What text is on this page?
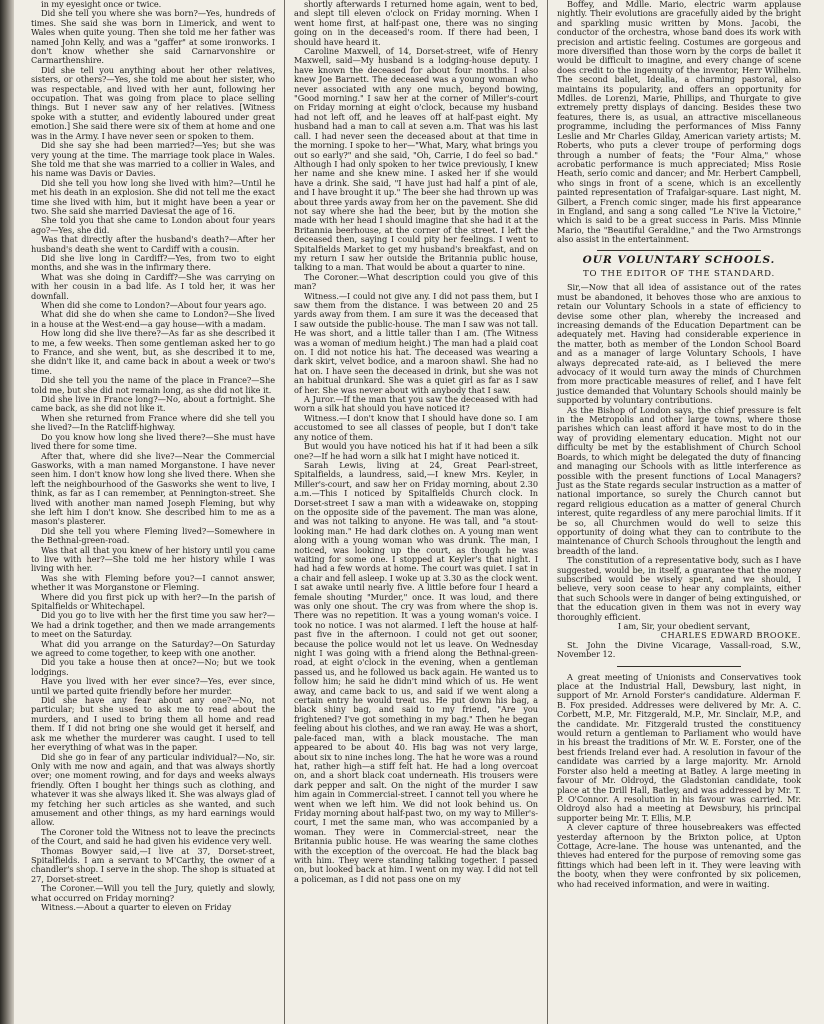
in my eyesight once or twice.

Did she tell you where she was born?—Yes, hundreds of times. She said she was born in Limerick, and went to Wales when quite young. Then she told me her father was named John Kelly, and was a "gaffer" at some ironworks. I don't know whether she said Carnarvonshire or Carmarthenshire.

Did she tell you anything about her other relatives, sisters, or others?—Yes, she told me about her sister, who was respectable, and lived with her aunt, following her occupation. That was going from place to place selling things. But I never saw any of her relatives. [Witness spoke with a stutter, and evidently laboured under great emotion.] She said there were six of them at home and one was in the Army. I have never seen or spoken to them.

Did she say she had been married?—Yes; but she was very young at the time. The marriage took place in Wales. She told me that she was married to a collier in Wales, and his name was Davis or Davies.

Did she tell you how long she lived with him?—Until he met his death in an explosion. She did not tell me the exact time she lived with him, but it might have been a year or two. She said she married Daviesat the age of 16.

She told you that she came to London about four years ago?—Yes, she did.

Was that directly after the husband's death?—After her husband's death she went to Cardiff with a cousin.

Did she live long in Cardiff?—Yes, from two to eight months, and she was in the infirmary there.

What was she doing in Cardiff?—She was carrying on with her cousin in a bad life. As I told her, it was her downfall.

When did she come to London?—About four years ago.

What did she do when she came to London?—She lived in a house at the West-end—a gay house—with a madam.

How long did she live there?—As far as she described it to me, a few weeks. Then some gentleman asked her to go to France, and she went, but, as she described it to me, she didn't like it, and came back in about a week or two's time.

Did she tell you the name of the place in France?—She told me, but she did not remain long, as she did not like it.

Did she live in France long?—No, about a fortnight. She came back, as she did not like it.

When she returned from France where did she tell you she lived?—In the Ratcliff-highway.

Do you know how long she lived there?—She must have lived there for some time.

After that, where did she live?—Near the Commercial Gasworks, with a man named Morganstone. I have never seen him. I don't know how long she lived there. When she left the neighbourhood of the Gasworks she went to live, I think, as far as I can remember, at Pennington-street. She lived with another man named Joseph Fleming, but why she left him I don't know. She described him to me as a mason's plasterer.

Did she tell you where Fleming lived?—Somewhere in the Bethnal-green-road.

Was that all that you knew of her history until you came to live with her?—She told me her history while I was living with her.

Was she with Fleming before you?—I cannot answer, whether it was Morganstone or Fleming.

Where did you first pick up with her?—In the parish of Spitalfields or Whitechapel.

Did you go to live with her the first time you saw her?—We had a drink together, and then we made arrangements to meet on the Saturday.

What did you arrange on the Saturday?—On Saturday we agreed to come together, to keep with one another.

Did you take a house then at once?—No; but we took lodgings.

Have you lived with her ever since?—Yes, ever since, until we parted quite friendly before her murder.

Did she have any fear about any one?—No, not particular; but she used to ask me to read about the murders, and I used to bring them all home and read them. If I did not bring one she would get it herself, and ask me whether the murderer was caught. I used to tell her everything of what was in the paper.

Did she go in fear of any particular individual?—No, sir. Only with me now and again, and that was always shortly over; one moment rowing, and for days and weeks always friendly. Often I bought her things such as clothing, and whatever it was she always liked it. She was always glad of my fetching her such articles as she wanted, and such amusement and other things, as my hard earnings would allow.

The Coroner told the Witness not to leave the precincts of the Court, and said he had given his evidence very well.

Thomas Bowyer said,—I live at 37, Dorset-street, Spitalfields. I am a servant to M'Carthy, the owner of a chandler's shop. I serve in the shop. The shop is situated at 27, Dorset-street.

The Coroner.—Will you tell the Jury, quietly and slowly, what occurred on Friday morning?

Witness.—About a quarter to eleven on Friday

shortly afterwards I returned home again, went to bed, and slept till eleven o'clock on Friday morning. When I went home first, at half-past one, there was no singing going on in the deceased's room. If there had been, I should have heard it.

Caroline Maxwell, of 14, Dorset-street, wife of Henry Maxwell, said—My husband is a lodging-house deputy. I have known the deceased for about four months. I also knew Joe Barnett. The deceased was a young woman who never associated with any one much, beyond bowing, "Good morning." I saw her at the corner of Miller's-court on Friday morning at eight o'clock, because my husband had not left off, and he leaves off at half-past eight. My husband had a man to call at seven a.m. That was his last call. I had never seen the deceased about at that time in the morning. I spoke to her—"What, Mary, what brings you out so early?" and she said, "Oh, Carrie, I do feel so bad." Although I had only spoken to her twice previously, I knew her name and she knew mine. I asked her if she would have a drink. She said, "I have just had half a pint of ale, and I have brought it up." The beer she had thrown up was about three yards away from her on the pavement. She did not say where she had the beer, but by the motion she made with her head I should imagine that she had it at the Britannia beerhouse, at the corner of the street. I left the deceased then, saying I could pity her feelings. I went to Spitalfields Market to get my husband's breakfast, and on my return I saw her outside the Britannia public house, talking to a man. That would be about a quarter to nine.

The Coroner.—What description could you give of this man?

Witness.—I could not give any. I did not pass them, but I saw them from the distance. I was between 20 and 25 yards away from them. I am sure it was the deceased that I saw outside the public-house. The man I saw was not tall. He was short, and a little taller than I am. (The Witness was a woman of medium height.) The man had a plaid coat on. I did not notice his hat. The deceased was wearing a dark skirt, velvet bodice, and a maroon shawl. She had no hat on. I have seen the deceased in drink, but she was not an habitual drunkard. She was a quiet girl as far as I saw of her. She was never about with anybody that I saw.

A Juror.—If the man that you saw the deceased with had worn a silk hat should you have noticed it?

Witness.—I don't know that I should have done so. I am accustomed to see all classes of people, but I don't take any notice of them.

But would you have noticed his hat if it had been a silk one?—If he had worn a silk hat I might have noticed it.

Sarah Lewis, living at 24, Great Pearl-street, Spitalfields, a laundress, said,—I knew Mrs. Keyler, in Miller's-court, and saw her on Friday morning, about 2.30 a.m.—This I noticed by Spitalfields Church clock. In Dorset-street I saw a man with a wideawake on, stopping on the opposite side of the pavement. The man was alone, and was not talking to anyone. He was tall, and "a stout-looking man." He had dark clothes on. A young man went along with a young woman who was drunk. The man, I noticed, was looking up the court, as though he was waiting for some one. I stopped at Keyler's that night. I had had a few words at home. The court was quiet. I sat in a chair and fell asleep. I woke up at 3.30 as the clock went. I sat awake until nearly five. A little before four I heard a female shouting "Murder," once. It was loud, and there was only one shout. The cry was from where the shop is. There was no repetition. It was a young woman's voice. I took no notice. I was not alarmed. I left the house at half-past five in the afternoon. I could not get out sooner, because the police would not let us leave. On Wednesday night I was going with a friend along the Bethnal-green-road, at eight o'clock in the evening, when a gentleman passed us, and he followed us back again. He wanted us to follow him; he said he didn't mind which of us. He went away, and came back to us, and said if we went along a certain entry he would treat us. He put down his bag, a black shiny bag, and said to my friend, "Are you frightened? I've got something in my bag." Then he began feeling about his clothes, and we ran away. He was a short, pale-faced man, with a black moustache. The man appeared to be about 40. His bag was not very large, about six to nine inches long. The hat he wore was a round hat, rather high—a stiff felt hat. He had a long overcoat on, and a short black coat underneath. His trousers were dark pepper and salt. On the night of the murder I saw him again in Commercial-street. I cannot tell you where he went when we left him. We did not look behind us. On Friday morning about half-past two, on my way to Miller's-court, I met the same man, who was accompanied by a woman. They were in Commercial-street, near the Britannia public house. He was wearing the same clothes with the exception of the overcoat. He had the black bag with him. They were standing talking together. I passed on, but looked back at him. I went on my way. I did not tell a policeman, as I did not pass one on my

Boffey, and Mdlle. Mario, electric warm applause nightly. Their evolutions are gracefully aided by the bright and sparkling music written by Mons. Jacobi, the conductor of the orchestra, whose band does its work with precision and artistic feeling. Costumes are gorgeous and more diversified than those worn by the corps de ballet it would be difficult to imagine, and every change of scene does credit to the ingenuity of the inventor, Herr Wilhelm. The second ballet, Idealia, a charming pastoral, also maintains its popularity, and offers an opportunity for Mdlles. de Lorenzi, Marie, Phillips, and Thurgate to give extremely pretty displays of dancing. Besides these two features, there is, as usual, an attractive miscellaneous programme, including the performances of Miss Fanny Leslie and Mr Charles Gilday, American variety artists; M. Roberts, who puts a clever troupe of performing dogs through a number of feats; the "Four Alma," whose acrobatic performance is much appreciated; Miss Rosie Heath, serio comic and dancer; and Mr. Herbert Campbell, who sings in front of a scene, which is an excellently painted representation of Trafalgar-square. Last night, M. Gilbert, a French comic singer, made his first appearance in England, and sang a song called "Le N'ive la Victoire," which is said to be a great success in Paris. Miss Minnie Mario, the "Beautiful Geraldine," and the Two Armstrongs also assist in the entertainment.

OUR VOLUNTARY SCHOOLS.
TO THE EDITOR OF THE STANDARD.

Sir,—Now that all idea of assistance out of the rates must be abandoned, it behoves those who are anxious to retain our Voluntary Schools in a state of efficiency to devise some other plan, whereby the increased and increasing demands of the Education Department can be adequately met. Having had considerable experience in the matter, both as member of the London School Board and as a manager of large Voluntary Schools, I have always deprecated rate-aid, as I believed the mere advocacy of it would turn away the minds of Churchmen from more practicable measures of relief, and I have felt justice demanded that Voluntary Schools should mainly be supported by voluntary contributions.

As the Bishop of London says, the chief pressure is felt in the Metropolis and other large towns, where those parishes which can least afford it have most to do in the way of providing elementary education. Might not our difficulty be met by the establishment of Church School Boards, to which might be delegated the duty of financing and managing our Schools with as little interference as possible with the present functions of Local Managers? Just as the State regards secular instruction as a matter of national importance, so surely the Church cannot but regard religious education as a matter of general Church interest, quite regardless of any mere parochial limits. If it be so, all Churchmen would do well to seize this opportunity of doing what they can to contribute to the maintenance of Church Schools throughout the length and breadth of the land.

The constitution of a representative body, such as I have suggested, would be, in itself, a guarantee that the money subscribed would be wisely spent, and we should, I believe, very soon cease to hear any complaints, either that such Schools were in danger of being extinguished, or that the education given in them was not in every way thoroughly efficient.

I am, Sir, your obedient servant,

CHARLES EDWARD BROOKE.

St. John the Divine Vicarage, Vassall-road, S.W., November 12.

A great meeting of Unionists and Conservatives took place at the Industrial Hall, Dewsbury, last night, in support of Mr. Arnold Forster's candidature. Alderman F. B. Fox presided. Addresses were delivered by Mr. A. C. Corbett, M.P., Mr. Fitzgerald, M.P., Mr. Sinclair, M.P., and the candidate. Mr. Fitzgerald trusted the constituency would return a gentleman to Parliament who would have in his breast the traditions of Mr. W. E. Forster, one of the best friends Ireland ever had. A resolution in favour of the candidate was carried by a large majority. Mr. Arnold Forster also held a meeting at Batley. A large meeting in favour of Mr. Oldroyd, the Gladstonian candidate, took place at the Drill Hall, Batley, and was addressed by Mr. T. P. O'Connor. A resolution in his favour was carried. Mr. Oldroyd also had a meeting at Dewsbury, his principal supporter being Mr. T. Ellis, M.P.

A clever capture of three housebreakers was effected yesterday afternoon by the Brixton police, at Upton Cottage, Acre-lane. The house was untenanted, and the thieves had entered for the purpose of removing some gas fittings which had been left in it. They were leaving with the booty, when they were confronted by six policemen, who had received information, and were in waiting.
